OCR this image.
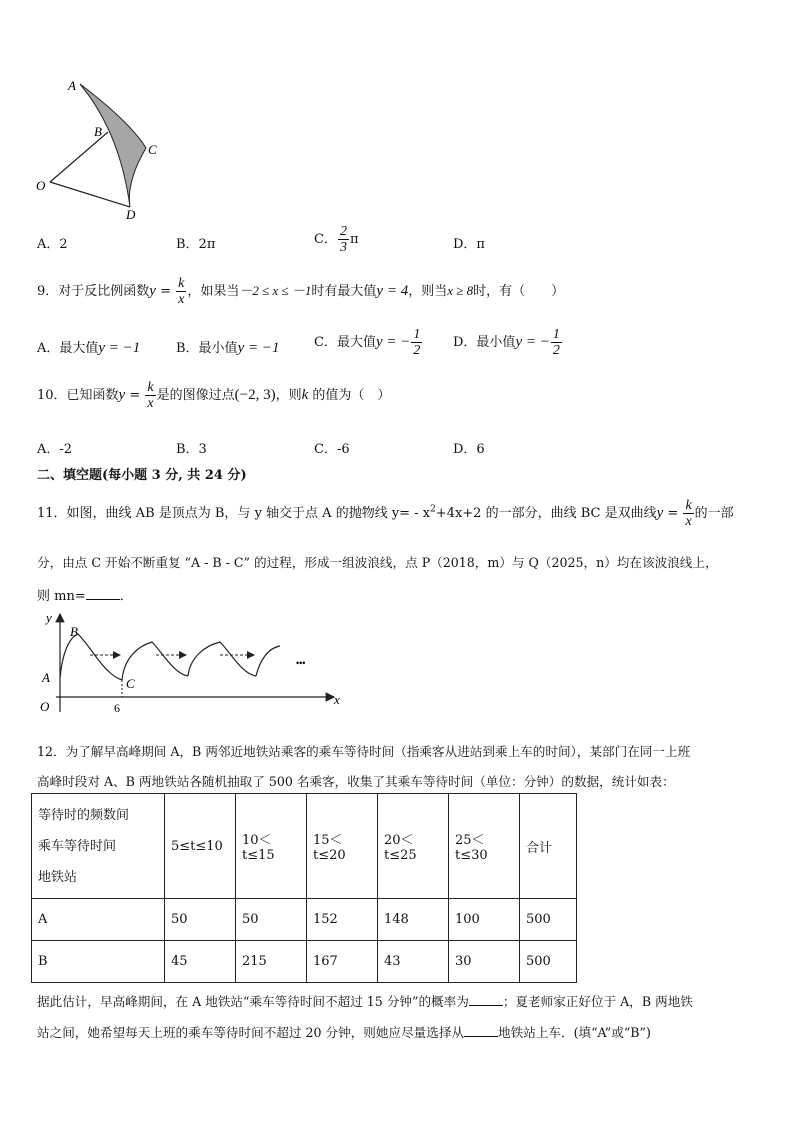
A
B
C
D
O
A．2	B．2π	C． $\frac{2}{3}$ π	D．π
9．对于反比例函数$y = \frac{k}{x}$ ，如果当－2 ≤ x ≤ －1时有最大值y = 4，则当x ≥ 8时，有（　　）
A．最大值y = −1	B．最小值y = −1	C．最大值y = − $\frac{1}{2}$ D．最小值y = − $\frac{1}{2}$
10．已知函数$y = \frac{k}{x}$ 是的图像过点(−2, 3)，则k 的值为（　）
A．-2	B．3	C．-6	D．6
二、填空题(每小题 3 分, 共 24 分)
11．如图，曲线 AB 是顶点为 B，与 y 轴交于点 A 的抛物线 $y= - x^2+4x+2$ 的一部分，曲线 BC 是双曲线$y = \frac{k}{x}$ 的一部
分，由点 C 开始不断重复 “A - B - C” 的过程，形成一组波浪线，点 P（2018，m）与 Q（2025，n）均在该波浪线上，
则 mn=	．
y
B
A	C
O	6
x
•••
12．为了解早高峰期间 A，B 两邻近地铁站乘客的乘车等待时间（指乘客从进站到乘上车的时间），某部门在同一上班
高峰时段对 A、B 两地铁站各随机抽取了 500 名乘客，收集了其乘车等待时间（单位：分钟）的数据，统计如表：
等待时的频数间
乘车等待时间
地铁站	5≤t≤10	10＜t≤15	15＜t≤20	20＜t≤25	25＜t≤30	合计
A	50	50	152	148	100	500
B	45	215	167	43	30	500
据此估计，早高峰期间，在 A 地铁站“乘车等待时间不超过 15 分钟”的概率为	；夏老师家正好位于 A，B 两地铁
站之间，她希望每天上班的乘车等待时间不超过 20 分钟，则她应尽量选择从	地铁站上车．(填“A”或“B”)
